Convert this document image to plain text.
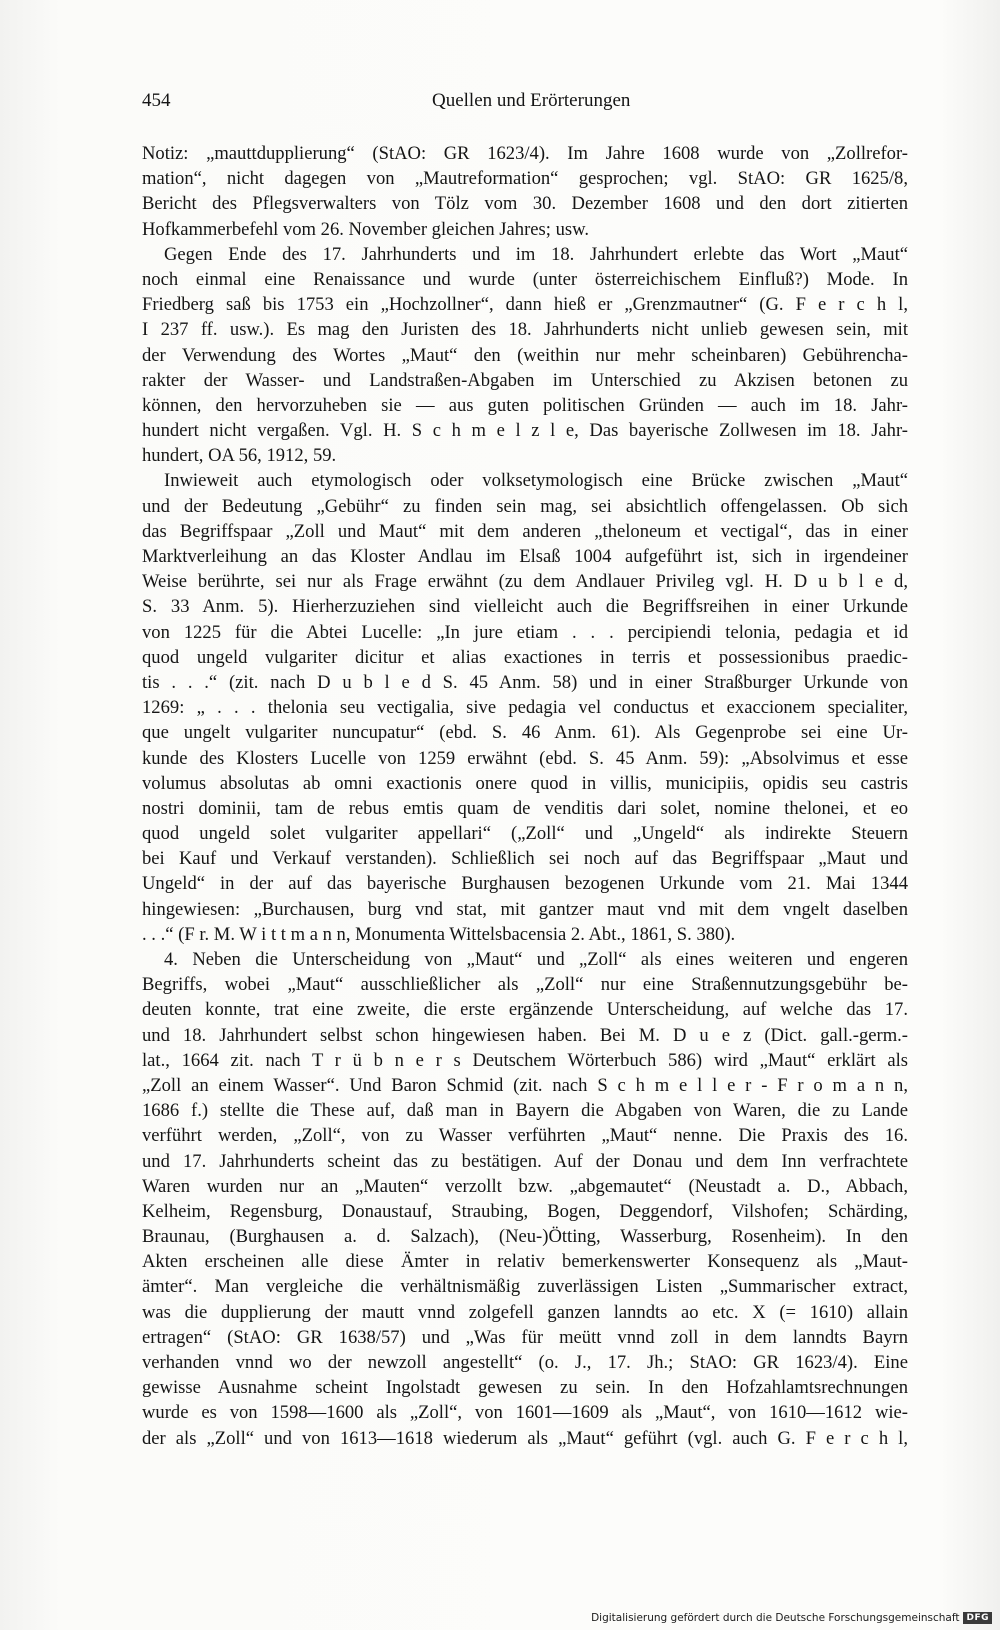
454	Quellen und Erörterungen
Notiz: „mauttdupplierung“ (StAO: GR 1623/4). Im Jahre 1608 wurde von „Zollrefor-
mation“, nicht dagegen von „Mautreformation“ gesprochen; vgl. StAO: GR 1625/8,
Bericht des Pflegsverwalters von Tölz vom 30. Dezember 1608 und den dort zitierten
Hofkammerbefehl vom 26. November gleichen Jahres; usw.
Gegen Ende des 17. Jahrhunderts und im 18. Jahrhundert erlebte das Wort „Maut“
noch einmal eine Renaissance und wurde (unter österreichischem Einfluß?) Mode. In
Friedberg saß bis 1753 ein „Hochzollner“, dann hieß er „Grenzmautner“ (G. F e r c h l,
I 237 ff. usw.). Es mag den Juristen des 18. Jahrhunderts nicht unlieb gewesen sein, mit
der Verwendung des Wortes „Maut“ den (weithin nur mehr scheinbaren) Gebührencha-
rakter der Wasser- und Landstraßen-Abgaben im Unterschied zu Akzisen betonen zu
können, den hervorzuheben sie — aus guten politischen Gründen — auch im 18. Jahr-
hundert nicht vergaßen. Vgl. H. S c h m e l z l e, Das bayerische Zollwesen im 18. Jahr-
hundert, OA 56, 1912, 59.
Inwieweit auch etymologisch oder volksetymologisch eine Brücke zwischen „Maut“
und der Bedeutung „Gebühr“ zu finden sein mag, sei absichtlich offengelassen. Ob sich
das Begriffspaar „Zoll und Maut“ mit dem anderen „theloneum et vectigal“, das in einer
Marktverleihung an das Kloster Andlau im Elsaß 1004 aufgeführt ist, sich in irgendeiner
Weise berührte, sei nur als Frage erwähnt (zu dem Andlauer Privileg vgl. H. D u b l e d,
S. 33 Anm. 5). Hierherzuziehen sind vielleicht auch die Begriffsreihen in einer Urkunde
von 1225 für die Abtei Lucelle: „In jure etiam . . . percipiendi telonia, pedagia et id
quod ungeld vulgariter dicitur et alias exactiones in terris et possessionibus praedic-
tis . . .“ (zit. nach D u b l e d S. 45 Anm. 58) und in einer Straßburger Urkunde von
1269: „ . . . thelonia seu vectigalia, sive pedagia vel conductus et exaccionem specialiter,
que ungelt vulgariter nuncupatur“ (ebd. S. 46 Anm. 61). Als Gegenprobe sei eine Ur-
kunde des Klosters Lucelle von 1259 erwähnt (ebd. S. 45 Anm. 59): „Absolvimus et esse
volumus absolutas ab omni exactionis onere quod in villis, municipiis, opidis seu castris
nostri dominii, tam de rebus emtis quam de venditis dari solet, nomine thelonei, et eo
quod ungeld solet vulgariter appellari“ („Zoll“ und „Ungeld“ als indirekte Steuern
bei Kauf und Verkauf verstanden). Schließlich sei noch auf das Begriffspaar „Maut und
Ungeld“ in der auf das bayerische Burghausen bezogenen Urkunde vom 21. Mai 1344
hingewiesen: „Burchausen, burg vnd stat, mit gantzer maut vnd mit dem vngelt daselben
. . .“ (F r. M. W i t t m a n n, Monumenta Wittelsbacensia 2. Abt., 1861, S. 380).
4. Neben die Unterscheidung von „Maut“ und „Zoll“ als eines weiteren und engeren
Begriffs, wobei „Maut“ ausschließlicher als „Zoll“ nur eine Straßennutzungsgebühr be-
deuten konnte, trat eine zweite, die erste ergänzende Unterscheidung, auf welche das 17.
und 18. Jahrhundert selbst schon hingewiesen haben. Bei M. D u e z (Dict. gall.-germ.-
lat., 1664 zit. nach T r ü b n e r s Deutschem Wörterbuch 586) wird „Maut“ erklärt als
„Zoll an einem Wasser“. Und Baron Schmid (zit. nach S c h m e l l e r - F r o m a n n,
1686 f.) stellte die These auf, daß man in Bayern die Abgaben von Waren, die zu Lande
verführt werden, „Zoll“, von zu Wasser verführten „Maut“ nenne. Die Praxis des 16.
und 17. Jahrhunderts scheint das zu bestätigen. Auf der Donau und dem Inn verfrachtete
Waren wurden nur an „Mauten“ verzollt bzw. „abgemautet“ (Neustadt a. D., Abbach,
Kelheim, Regensburg, Donaustauf, Straubing, Bogen, Deggendorf, Vilshofen; Schärding,
Braunau, (Burghausen a. d. Salzach), (Neu-)Ötting, Wasserburg, Rosenheim). In den
Akten erscheinen alle diese Ämter in relativ bemerkenswerter Konsequenz als „Maut-
ämter“. Man vergleiche die verhältnismäßig zuverlässigen Listen „Summarischer extract,
was die dupplierung der mautt vnnd zolgefell ganzen lanndts ao etc. X (= 1610) allain
ertragen“ (StAO: GR 1638/57) und „Was für meütt vnnd zoll in dem lanndts Bayrn
verhanden vnnd wo der newzoll angestellt“ (o. J., 17. Jh.; StAO: GR 1623/4). Eine
gewisse Ausnahme scheint Ingolstadt gewesen zu sein. In den Hofzahlamtsrechnungen
wurde es von 1598—1600 als „Zoll“, von 1601—1609 als „Maut“, von 1610—1612 wie-
der als „Zoll“ und von 1613—1618 wiederum als „Maut“ geführt (vgl. auch G. F e r c h l,
Digitalisierung gefördert durch die Deutsche Forschungsgemeinschaft DFG
